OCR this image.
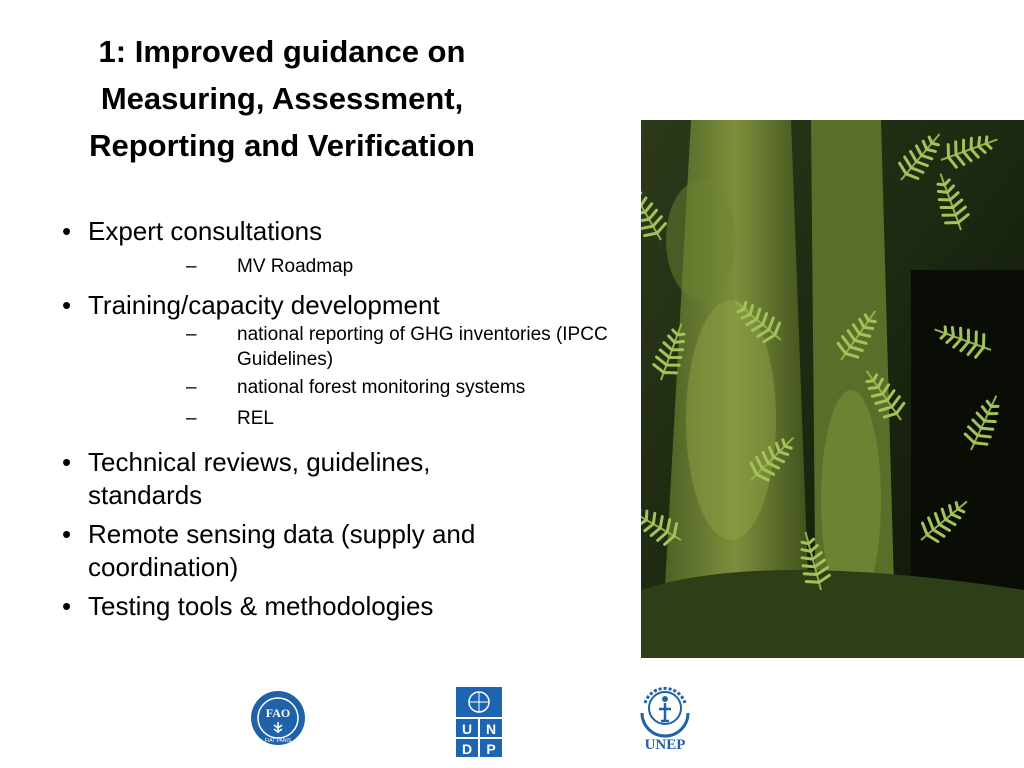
1: Improved guidance on
Measuring, Assessment,
Reporting and Verification

• Expert consultations

– MV Roadmap

• Training/capacity development

– national reporting of GHG inventories (IPCC Guidelines)

– national forest monitoring systems

– REL

• Technical reviews, guidelines, standards

• Remote sensing data (supply and coordination)

• Testing tools & methodologies

FAO
FIAT PANIS
U N
D P	UNEP
